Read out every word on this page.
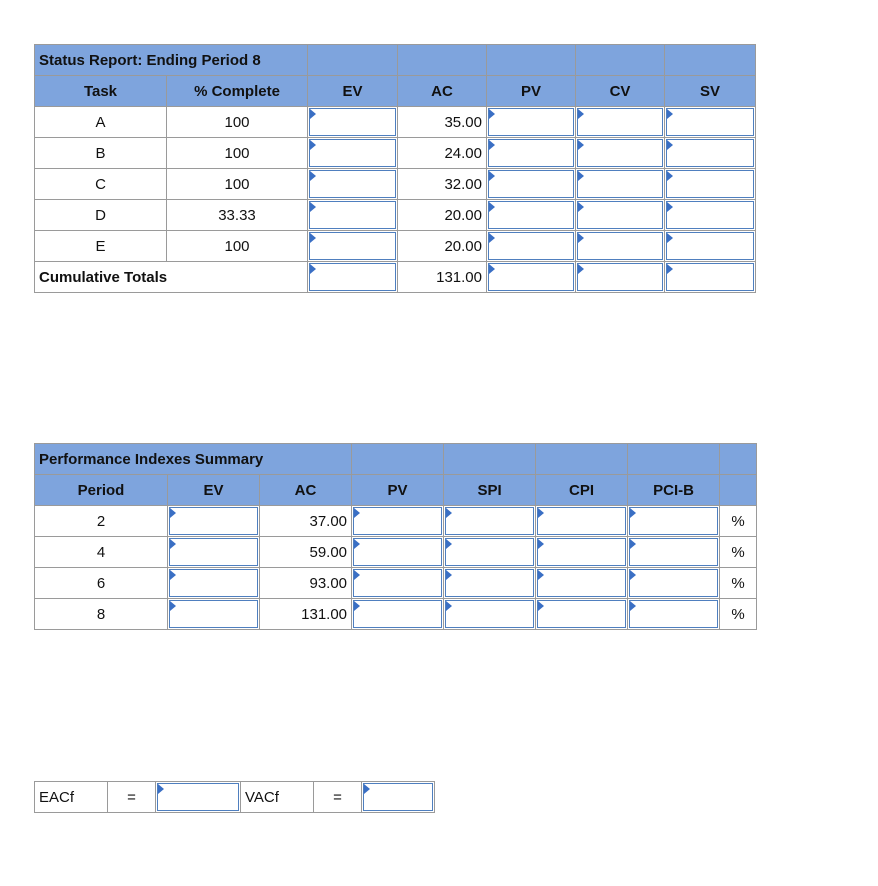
Status Report: Ending Period 8						
Task	% Complete	EV	AC	PV	CV	SV
A	100		35.00	

B	100		24.00	

C	100		32.00	

D	33.33		20.00	

E	100		20.00	

Cumulative Totals			131.00	

Performance Indexes Summary							
Period	EV	AC	PV	SPI	CPI	PCI-B	
2		37.00					%
4		59.00					%
6		93.00					%
8		131.00					%
EACf	=		VACf	=	
